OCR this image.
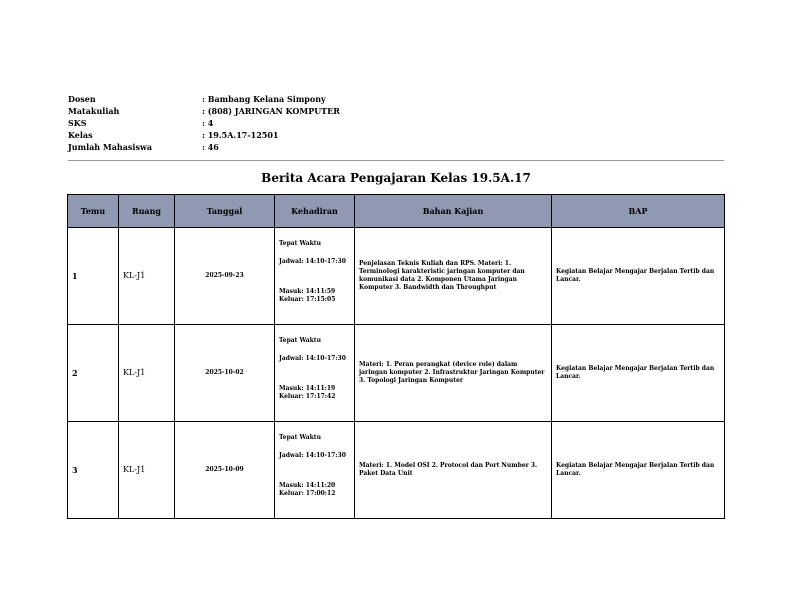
Dosen	: Bambang Kelana Simpony
Matakuliah	: (808) JARINGAN KOMPUTER
SKS	: 4
Kelas	: 19.5A.17-12501
Jumlah Mahasiswa	: 46
Berita Acara Pengajaran Kelas 19.5A.17
Temu	Ruang	Tanggal	Kehadiran	Bahan Kajian	BAP
1	KL-J1	2025-09-23	Tepat Waktu
Jadwal: 14:10-17:30
Masuk: 14:11:59
Keluar: 17:15:05	Penjelasan Teknis Kuliah dan RPS. Materi: 1. Terminologi karakteristic jaringan komputer dan komunikasi data 2. Komponen Utama Jaringan Komputer 3. Bandwidth dan Throughput	Kegiatan Belajar Mengajar Berjalan Tertib dan Lancar.
2	KL-J1	2025-10-02	Tepat Waktu
Jadwal: 14:10-17:30
Masuk: 14:11:19
Keluar: 17:17:42	Materi: 1. Peran perangkat (device role) dalam jaringan komputer 2. Infrastruktur Jaringan Komputer 3. Topologi Jaringan Komputer	Kegiatan Belajar Mengajar Berjalan Tertib dan Lancar.
3	KL-J1	2025-10-09	Tepat Waktu
Jadwal: 14:10-17:30
Masuk: 14:11:20
Keluar: 17:00:12	Materi: 1. Model OSI 2. Protocol dan Port Number 3. Paket Data Unit	Kegiatan Belajar Mengajar Berjalan Tertib dan Lancar.
